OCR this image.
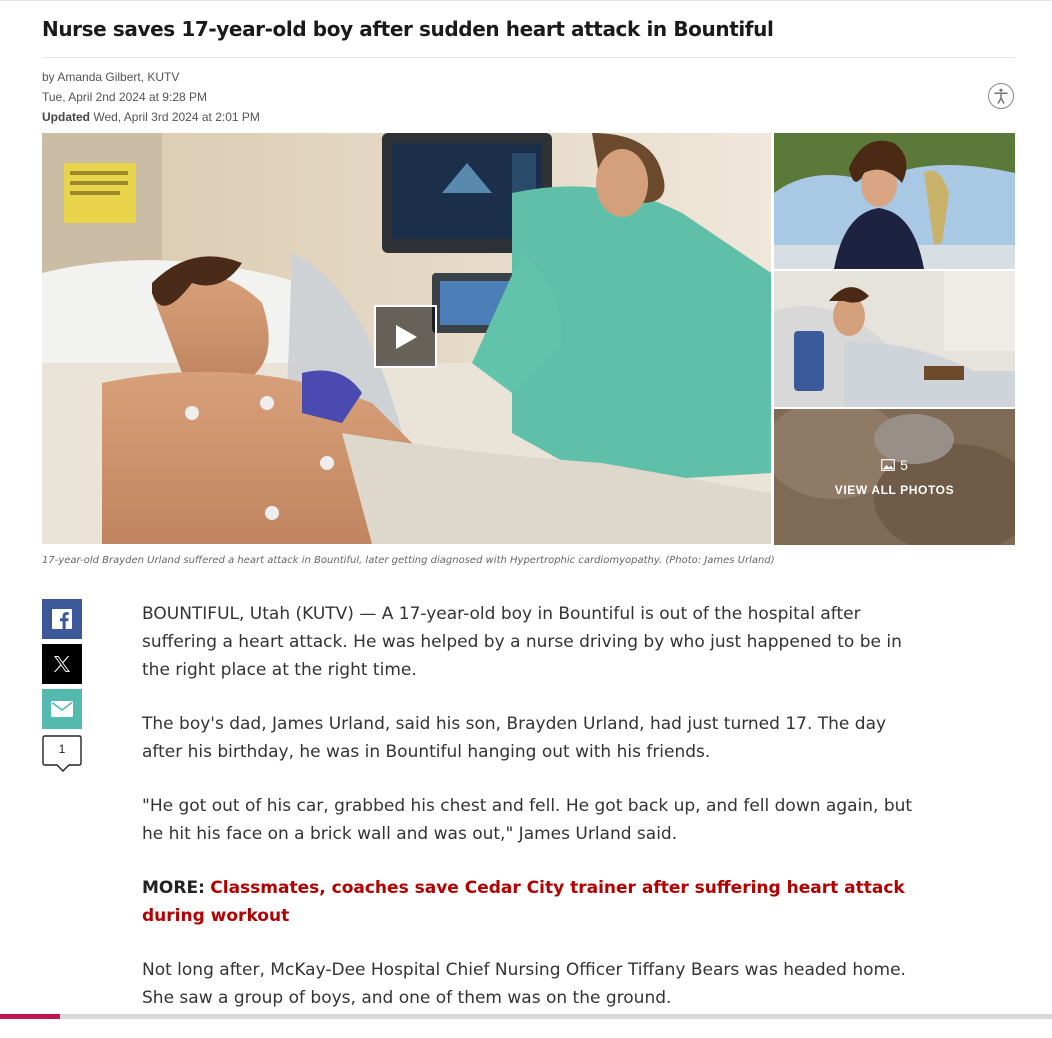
Nurse saves 17-year-old boy after sudden heart attack in Bountiful
by Amanda Gilbert, KUTV
Tue, April 2nd 2024 at 9:28 PM
Updated Wed, April 3rd 2024 at 2:01 PM
5
VIEW ALL PHOTOS
17-year-old Brayden Urland suffered a heart attack in Bountiful, later getting diagnosed with Hypertrophic cardiomyopathy. (Photo: James Urland)
1

BOUNTIFUL, Utah (KUTV) — A 17-year-old boy in Bountiful is out of the hospital after suffering a heart attack. He was helped by a nurse driving by who just happened to be in the right place at the right time.

The boy's dad, James Urland, said his son, Brayden Urland, had just turned 17. The day after his birthday, he was in Bountiful hanging out with his friends.

"He got out of his car, grabbed his chest and fell. He got back up, and fell down again, but he hit his face on a brick wall and was out," James Urland said.

MORE: Classmates, coaches save Cedar City trainer after suffering heart attack during workout

Not long after, McKay-Dee Hospital Chief Nursing Officer Tiffany Bears was headed home. She saw a group of boys, and one of them was on the ground.
